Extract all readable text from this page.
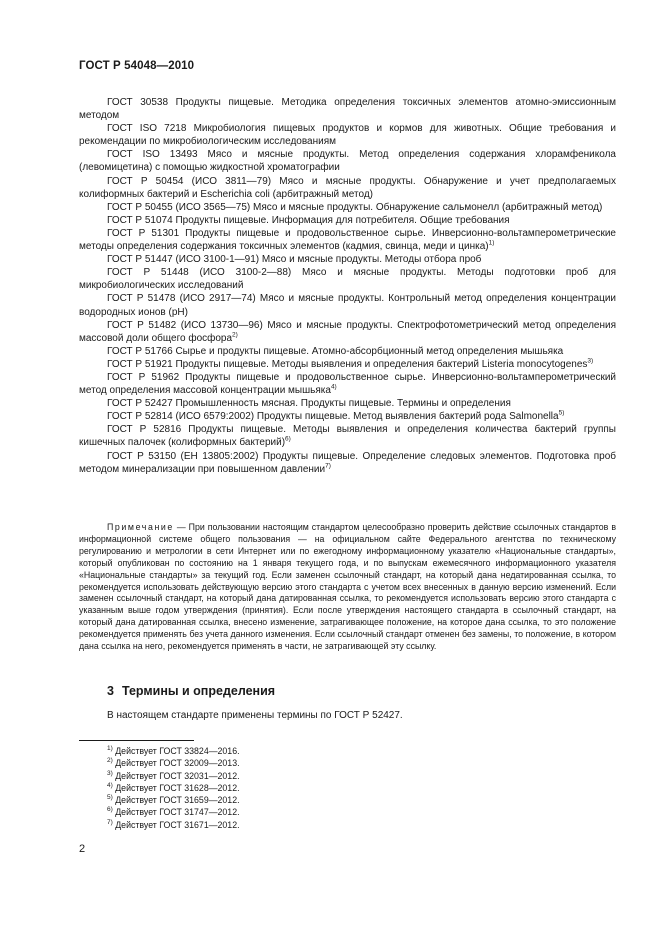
ГОСТ Р 54048—2010

ГОСТ 30538 Продукты пищевые. Методика определения токсичных элементов атомно-эмиссионным методом

ГОСТ ISO 7218 Микробиология пищевых продуктов и кормов для животных. Общие требования и рекомендации по микробиологическим исследованиям

ГОСТ ISO 13493 Мясо и мясные продукты. Метод определения содержания хлорамфеникола (левомицетина) с помощью жидкостной хроматографии

ГОСТ Р 50454 (ИСО 3811—79) Мясо и мясные продукты. Обнаружение и учет предполагаемых колиформных бактерий и Escherichia coli (арбитражный метод)

ГОСТ Р 50455 (ИСО 3565—75) Мясо и мясные продукты. Обнаружение сальмонелл (арбитражный метод)

ГОСТ Р 51074 Продукты пищевые. Информация для потребителя. Общие требования

ГОСТ Р 51301 Продукты пищевые и продовольственное сырье. Инверсионно-вольтамперометрические методы определения содержания токсичных элементов (кадмия, свинца, меди и цинка)$^{1)}$

ГОСТ Р 51447 (ИСО 3100-1—91) Мясо и мясные продукты. Методы отбора проб

ГОСТ Р 51448 (ИСО 3100-2—88) Мясо и мясные продукты. Методы подготовки проб для микробиологических исследований

ГОСТ Р 51478 (ИСО 2917—74) Мясо и мясные продукты. Контрольный метод определения концентрации водородных ионов (pH)

ГОСТ Р 51482 (ИСО 13730—96) Мясо и мясные продукты. Спектрофотометрический метод определения массовой доли общего фосфора$^{2)}$

ГОСТ Р 51766 Сырье и продукты пищевые. Атомно-абсорбционный метод определения мышьяка

ГОСТ Р 51921 Продукты пищевые. Методы выявления и определения бактерий Listeria monocytogenes$^{3)}$

ГОСТ Р 51962 Продукты пищевые и продовольственное сырье. Инверсионно-вольтамперометрический метод определения массовой концентрации мышьяка$^{4)}$

ГОСТ Р 52427 Промышленность мясная. Продукты пищевые. Термины и определения

ГОСТ Р 52814 (ИСО 6579:2002) Продукты пищевые. Метод выявления бактерий рода Salmonella$^{5)}$

ГОСТ Р 52816 Продукты пищевые. Методы выявления и определения количества бактерий группы кишечных палочек (колиформных бактерий)$^{6)}$

ГОСТ Р 53150 (ЕН 13805:2002) Продукты пищевые. Определение следовых элементов. Подготовка проб методом минерализации при повышенном давлении$^{7)}$

Примечание — При пользовании настоящим стандартом целесообразно проверить действие ссылочных стандартов в информационной системе общего пользования — на официальном сайте Федерального агентства по техническому регулированию и метрологии в сети Интернет или по ежегодному информационному указателю «Национальные стандарты», который опубликован по состоянию на 1 января текущего года, и по выпускам ежемесячного информационного указателя «Национальные стандарты» за текущий год. Если заменен ссылочный стандарт, на который дана недатированная ссылка, то рекомендуется использовать действующую версию этого стандарта с учетом всех внесенных в данную версию изменений. Если заменен ссылочный стандарт, на который дана датированная ссылка, то рекомендуется использовать версию этого стандарта с указанным выше годом утверждения (принятия). Если после утверждения настоящего стандарта в ссылочный стандарт, на который дана датированная ссылка, внесено изменение, затрагивающее положение, на которое дана ссылка, то это положение рекомендуется применять без учета данного изменения. Если ссылочный стандарт отменен без замены, то положение, в котором дана ссылка на него, рекомендуется применять в части, не затрагивающей эту ссылку.

3 Термины и определения
В настоящем стандарте применены термины по ГОСТ Р 52427.

$^{1)}$ Действует ГОСТ 33824—2016.

$^{2)}$ Действует ГОСТ 32009—2013.

$^{3)}$ Действует ГОСТ 32031—2012.

$^{4)}$ Действует ГОСТ 31628—2012.

$^{5)}$ Действует ГОСТ 31659—2012.

$^{6)}$ Действует ГОСТ 31747—2012.

$^{7)}$ Действует ГОСТ 31671—2012.

2
